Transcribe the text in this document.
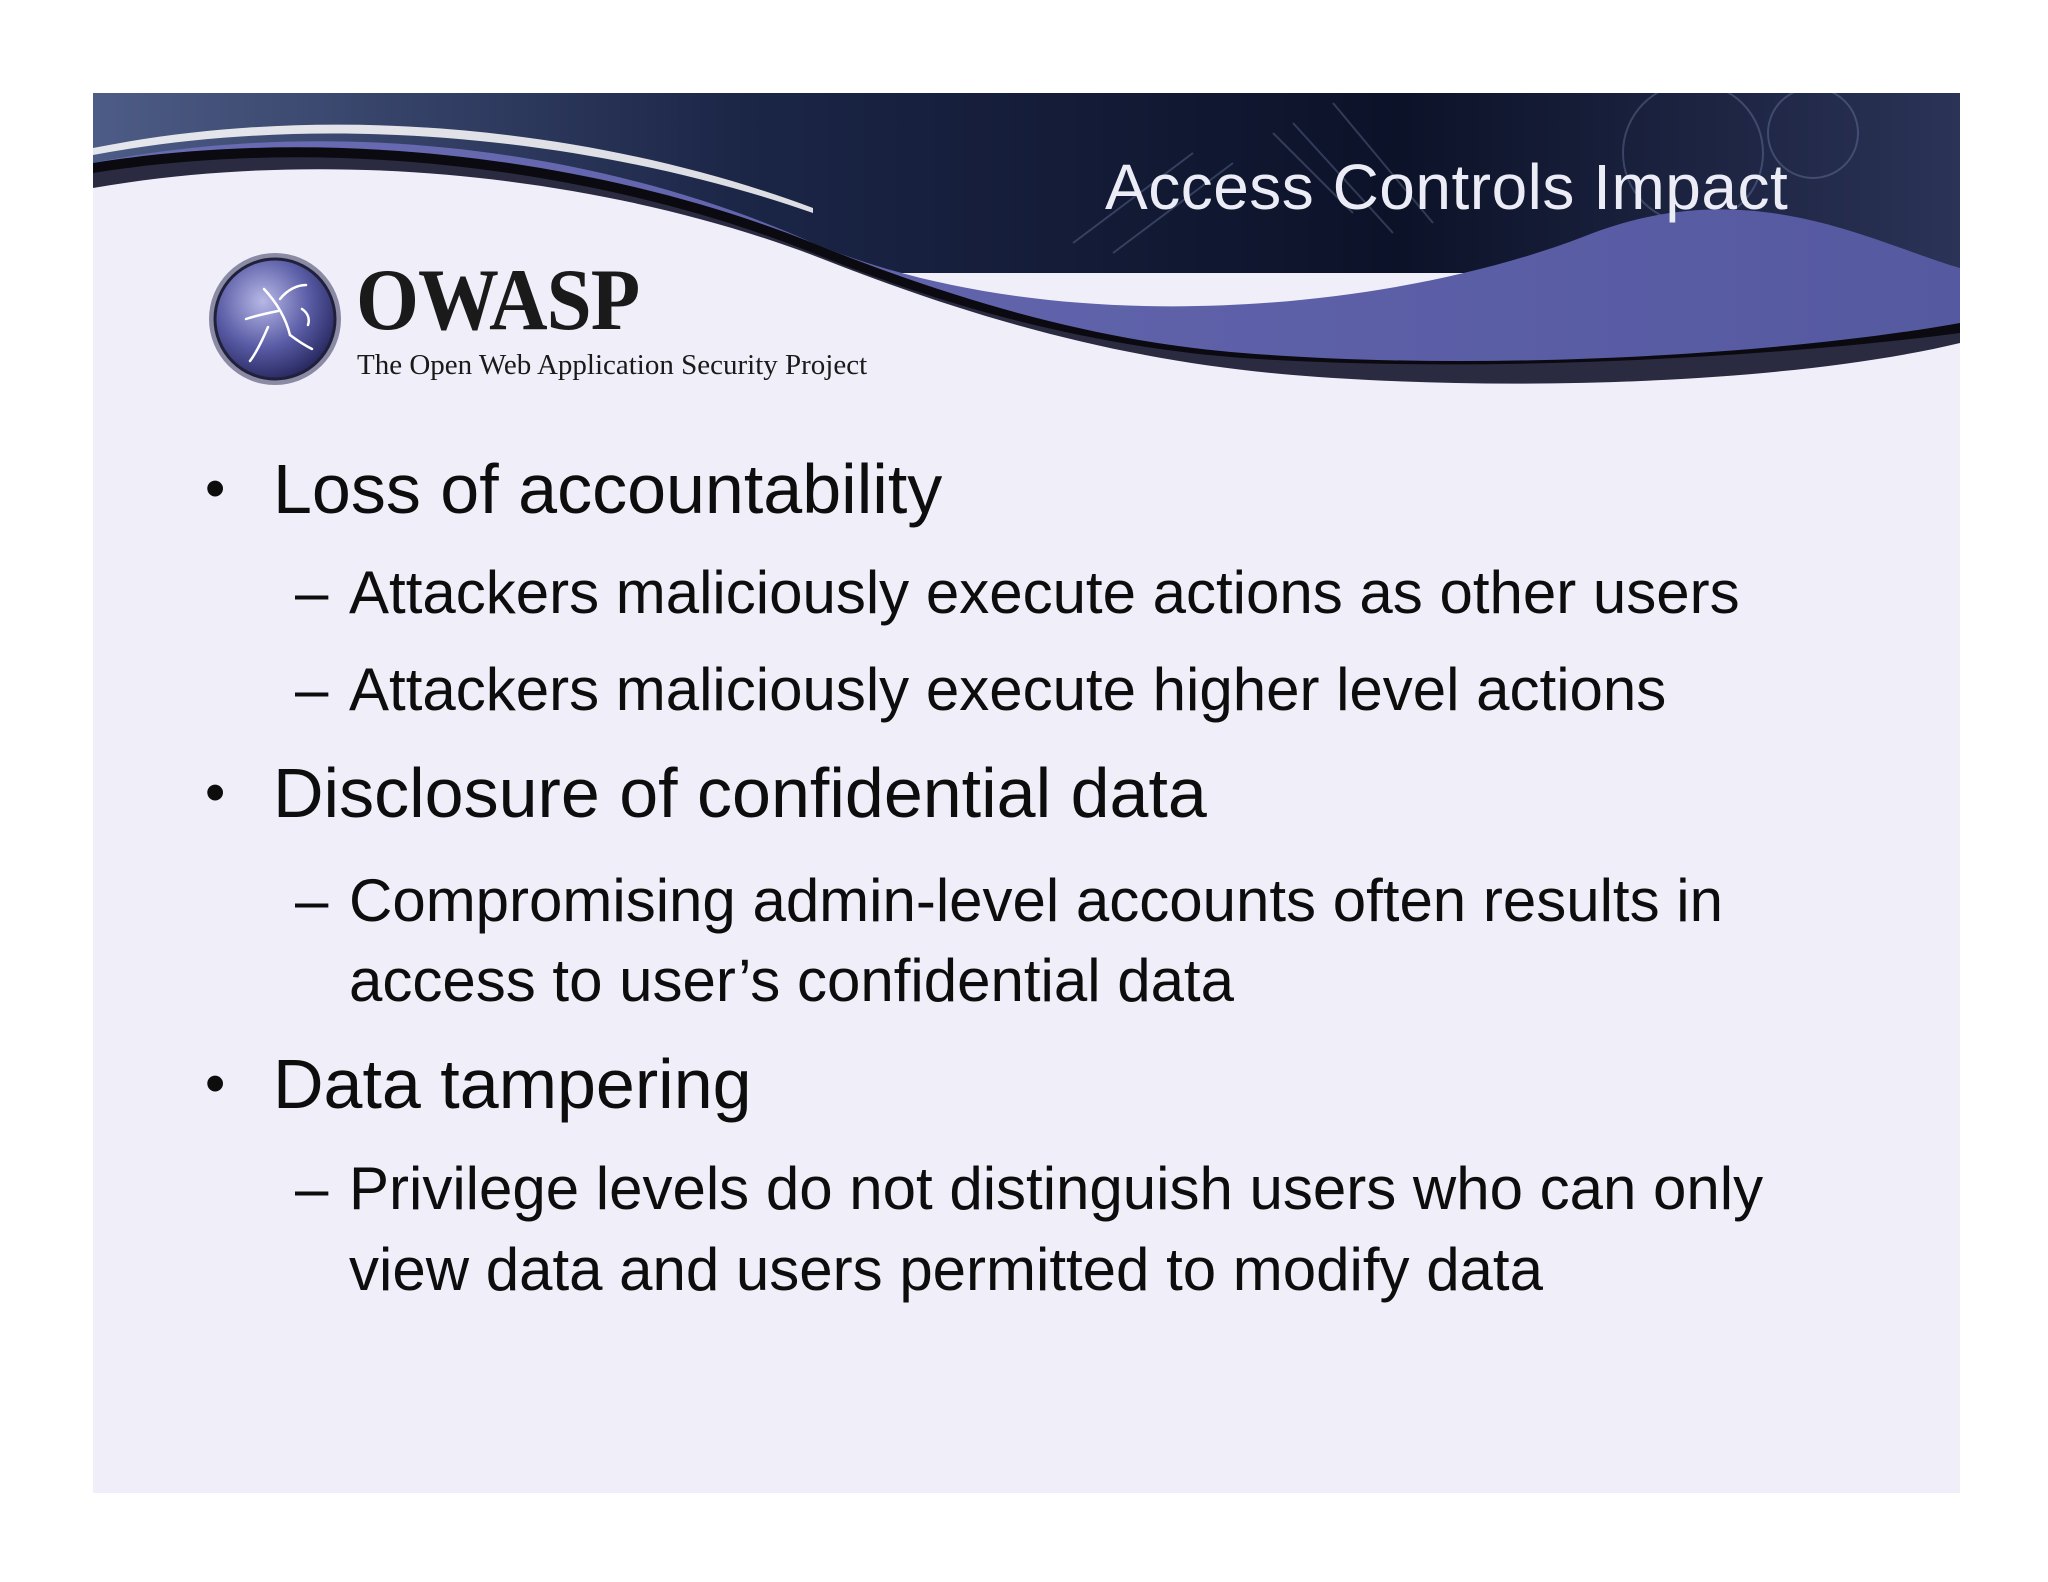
Access Controls Impact
OWASP
The Open Web Application Security Project
• Loss of accountability
– Attackers maliciously execute actions as other users
– Attackers maliciously execute higher level actions
• Disclosure of confidential data
– Compromising admin-level accounts often results in
access to user’s confidential data
• Data tampering
– Privilege levels do not distinguish users who can only
view data and users permitted to modify data
